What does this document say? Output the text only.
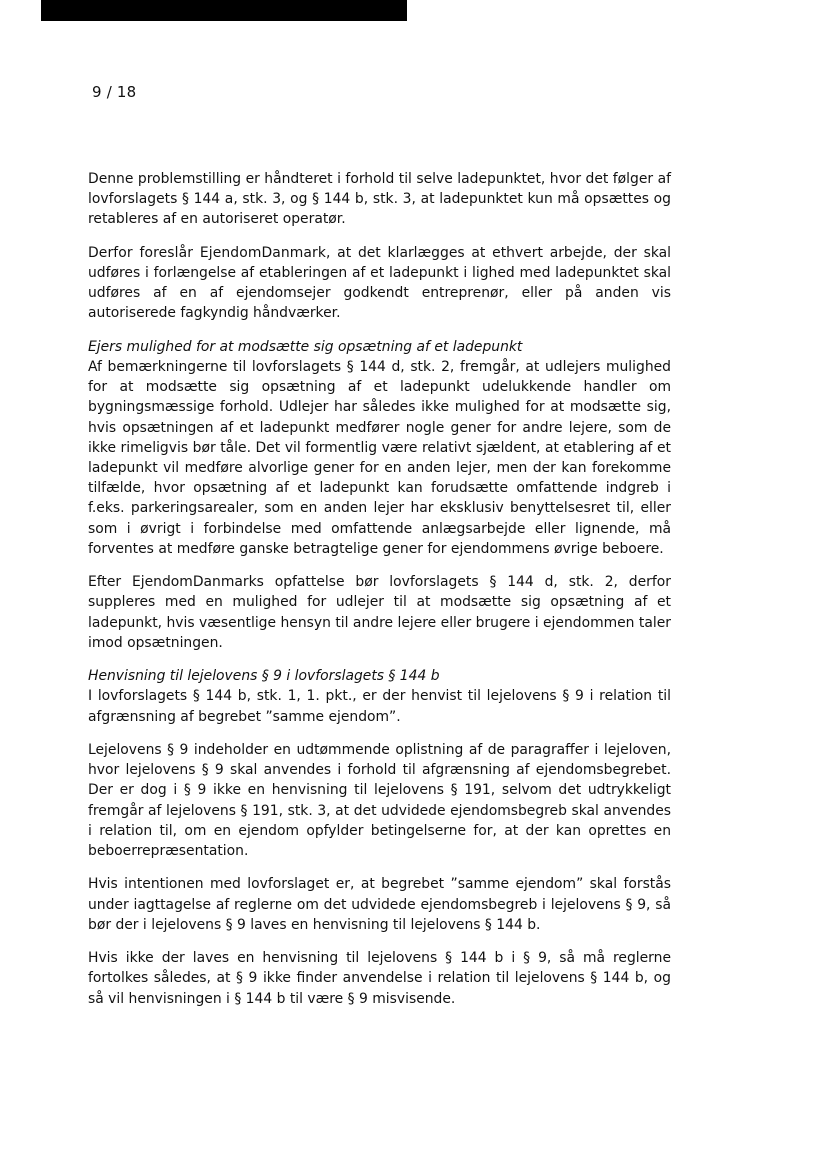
9 / 18

Denne problemstilling er håndteret i forhold til selve ladepunktet, hvor det følger af lovforslagets § 144 a, stk. 3, og § 144 b, stk. 3, at ladepunktet kun må opsættes og retableres af en autoriseret operatør.

Derfor foreslår EjendomDanmark, at det klarlægges at ethvert arbejde, der skal udføres i forlængelse af etableringen af et ladepunkt i lighed med ladepunktet skal udføres af en af ejendomsejer godkendt entreprenør, eller på anden vis autoriserede fagkyndig håndværker.

Ejers mulighed for at modsætte sig opsætning af et ladepunkt
Af bemærkningerne til lovforslagets § 144 d, stk. 2, fremgår, at udlejers mulighed for at modsætte sig opsætning af et ladepunkt udelukkende handler om bygningsmæssige forhold. Udlejer har således ikke mulighed for at modsætte sig, hvis opsætningen af et ladepunkt medfører nogle gener for andre lejere, som de ikke rimeligvis bør tåle. Det vil formentlig være relativt sjældent, at etablering af et ladepunkt vil medføre alvorlige gener for en anden lejer, men der kan forekomme tilfælde, hvor opsætning af et ladepunkt kan forudsætte omfattende indgreb i f.eks. parkeringsarealer, som en anden lejer har eksklusiv benyttelsesret til, eller som i øvrigt i forbindelse med omfattende anlægsarbejde eller lignende, må forventes at medføre ganske betragtelige gener for ejendommens øvrige beboere.

Efter EjendomDanmarks opfattelse bør lovforslagets § 144 d, stk. 2, derfor suppleres med en mulighed for udlejer til at modsætte sig opsætning af et ladepunkt, hvis væsentlige hensyn til andre lejere eller brugere i ejendommen taler imod opsætningen.

Henvisning til lejelovens § 9 i lovforslagets § 144 b
I lovforslagets § 144 b, stk. 1, 1. pkt., er der henvist til lejelovens § 9 i relation til afgrænsning af begrebet ”samme ejendom”.

Lejelovens § 9 indeholder en udtømmende oplistning af de paragraffer i lejeloven, hvor lejelovens § 9 skal anvendes i forhold til afgrænsning af ejendomsbegrebet. Der er dog i § 9 ikke en henvisning til lejelovens § 191, selvom det udtrykkeligt fremgår af lejelovens § 191, stk. 3, at det udvidede ejendomsbegreb skal anvendes i relation til, om en ejendom opfylder betingelserne for, at der kan oprettes en beboerrepræsentation.

Hvis intentionen med lovforslaget er, at begrebet ”samme ejendom” skal forstås under iagttagelse af reglerne om det udvidede ejendomsbegreb i lejelovens § 9, så bør der i lejelovens § 9 laves en henvisning til lejelovens § 144 b.

Hvis ikke der laves en henvisning til lejelovens § 144 b i § 9, så må reglerne fortolkes således, at § 9 ikke finder anvendelse i relation til lejelovens § 144 b, og så vil henvisningen i § 144 b til være § 9 misvisende.
